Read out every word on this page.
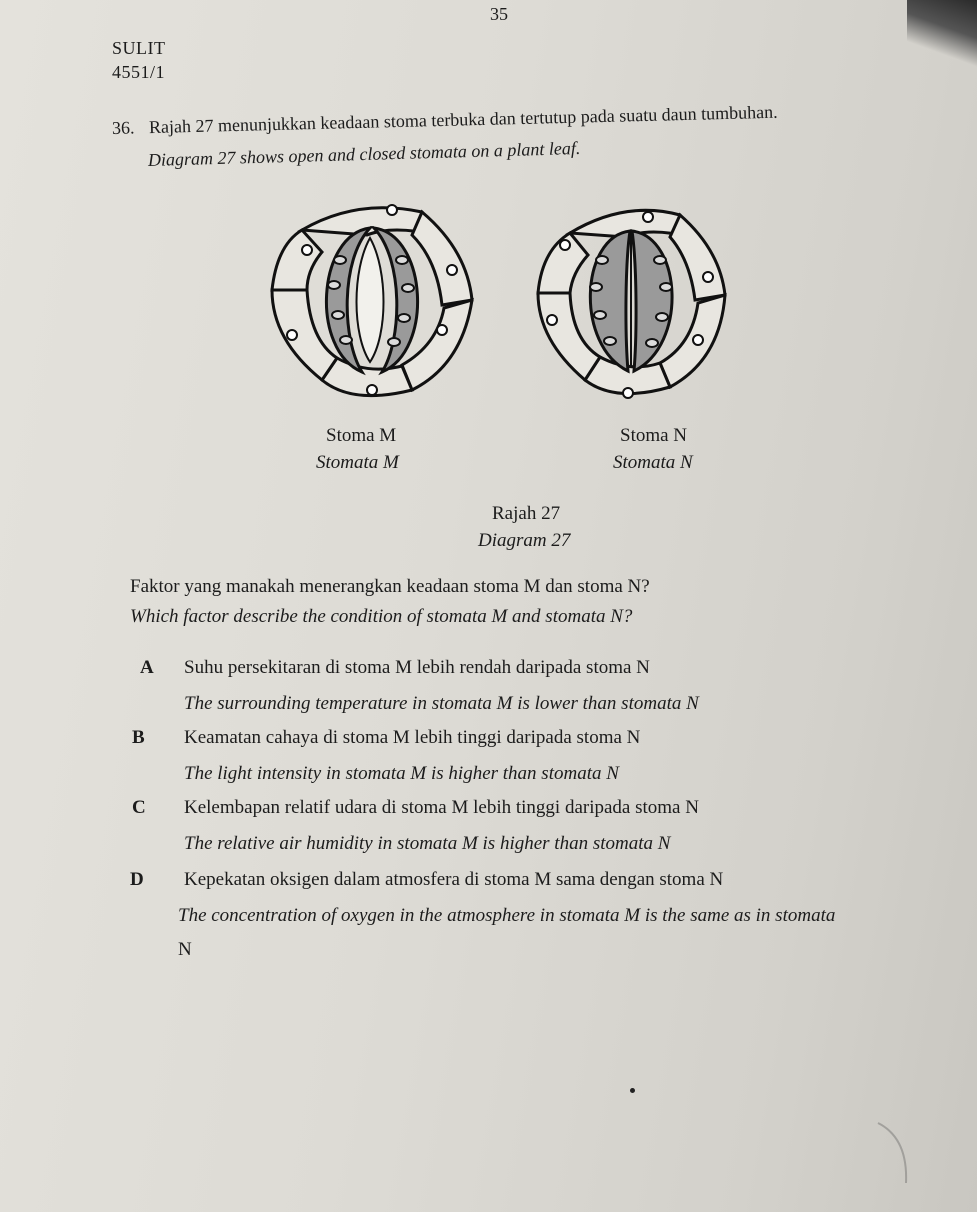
35
SULIT
4551/1
36. Rajah 27 menunjukkan keadaan stoma terbuka dan tertutup pada suatu daun tumbuhan.
Diagram 27 shows open and closed stomata on a plant leaf.
Stoma M
Stomata M
Stoma N
Stomata N
Rajah 27
Diagram 27
Faktor yang manakah menerangkan keadaan stoma M dan stoma N?
Which factor describe the condition of stomata M and stomata N?
A Suhu persekitaran di stoma M lebih rendah daripada stoma N
The surrounding temperature in stomata M is lower than stomata N
B Keamatan cahaya di stoma M lebih tinggi daripada stoma N
The light intensity in stomata M is higher than stomata N
C Kelembapan relatif udara di stoma M lebih tinggi daripada stoma N
The relative air humidity in stomata M is higher than stomata N
D Kepekatan oksigen dalam atmosfera di stoma M sama dengan stoma N
The concentration of oxygen in the atmosphere in stomata M is the same as in stomata
N
